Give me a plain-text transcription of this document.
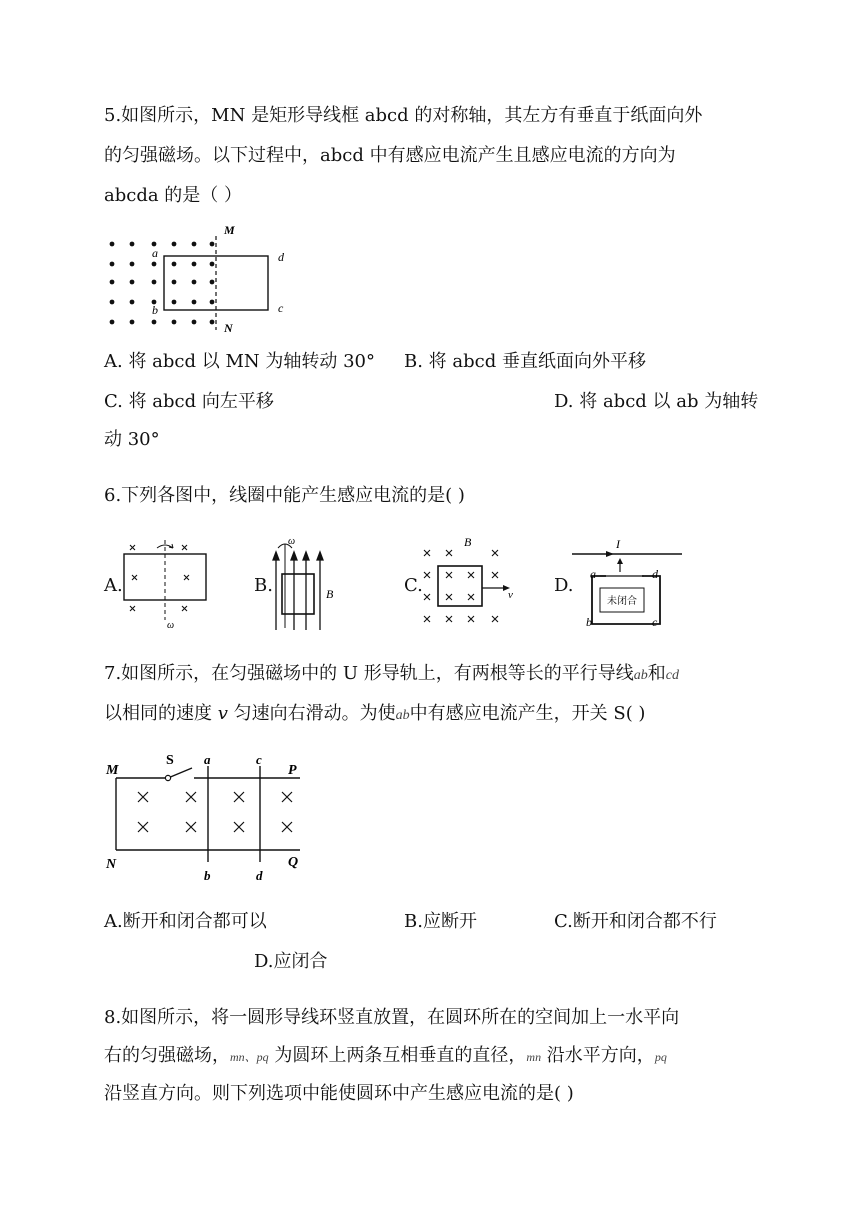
5.如图所示，MN 是矩形导线框 abcd 的对称轴，其左方有垂直于纸面向外
的匀强磁场。以下过程中，abcd 中有感应电流产生且感应电流的方向为
abcda 的是（ ）
M
N
a
b
d
c
A. 将 abcd 以 MN 为轴转动 30° B. 将 abcd 垂直纸面向外平移
C. 将 abcd 向左平移	D. 将 abcd 以 ab 为轴转
动 30°
6.下列各图中，线圈中能产生感应电流的是( )
A.
ω
B.
ω
B	C.
B
v D.
未闭合
I
a	d
b	c
7.如图所示，在匀强磁场中的 U 形导轨上，有两根等长的平行导线ab和cd
以相同的速度 v 匀速向右滑动。为使ab中有感应电流产生，开关 S( )
M
N
S a	c
P
b	d
Q
A.断开和闭合都可以	B.应断开	C.断开和闭合都不行
D.应闭合
8.如图所示，将一圆形导线环竖直放置，在圆环所在的空间加上一水平向
右的匀强磁场，mn、pq 为圆环上两条互相垂直的直径，mn 沿水平方向，pq
沿竖直方向。则下列选项中能使圆环中产生感应电流的是( )
